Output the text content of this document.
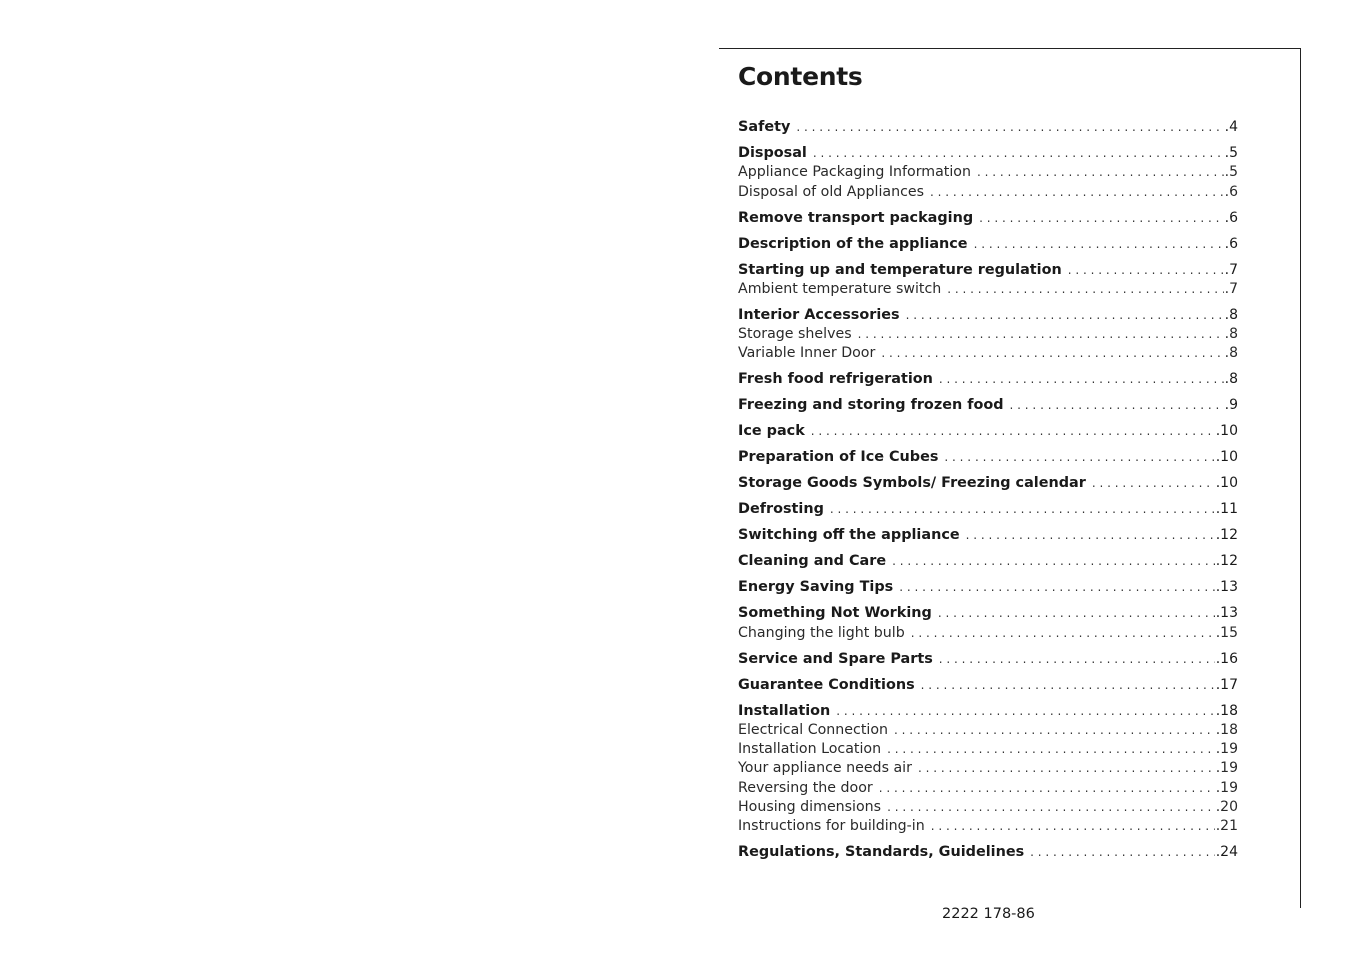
Contents
Safety . . .	.4
Disposal . . .	.5
Appliance Packaging Information . . .	.5
Disposal of old Appliances . . .	.6
Remove transport packaging . . .	.6
Description of the appliance . . .	.6
Starting up and temperature regulation . . .	.7
Ambient temperature switch . . .	.7
Interior Accessories . . .	.8
Storage shelves . . .	.8
Variable Inner Door . . .	.8
Fresh food refrigeration . . .	.8
Freezing and storing frozen food . . .	.9
Ice pack . . .	.10
Preparation of Ice Cubes . . .	.10
Storage Goods Symbols/ Freezing calendar . . .	.10
Defrosting . . .	.11
Switching off the appliance . . .	.12
Cleaning and Care . . .	.12
Energy Saving Tips . . .	.13
Something Not Working . . .	.13
Changing the light bulb . . .	.15
Service and Spare Parts . . .	.16
Guarantee Conditions . . .	.17
Installation . . .	.18
Electrical Connection . . .	.18
Installation Location . . .	.19
Your appliance needs air . . .	.19
Reversing the door . . .	.19
Housing dimensions . . .	.20
Instructions for building-in . . .	.21
Regulations, Standards, Guidelines . . .	.24
2222 178-86
